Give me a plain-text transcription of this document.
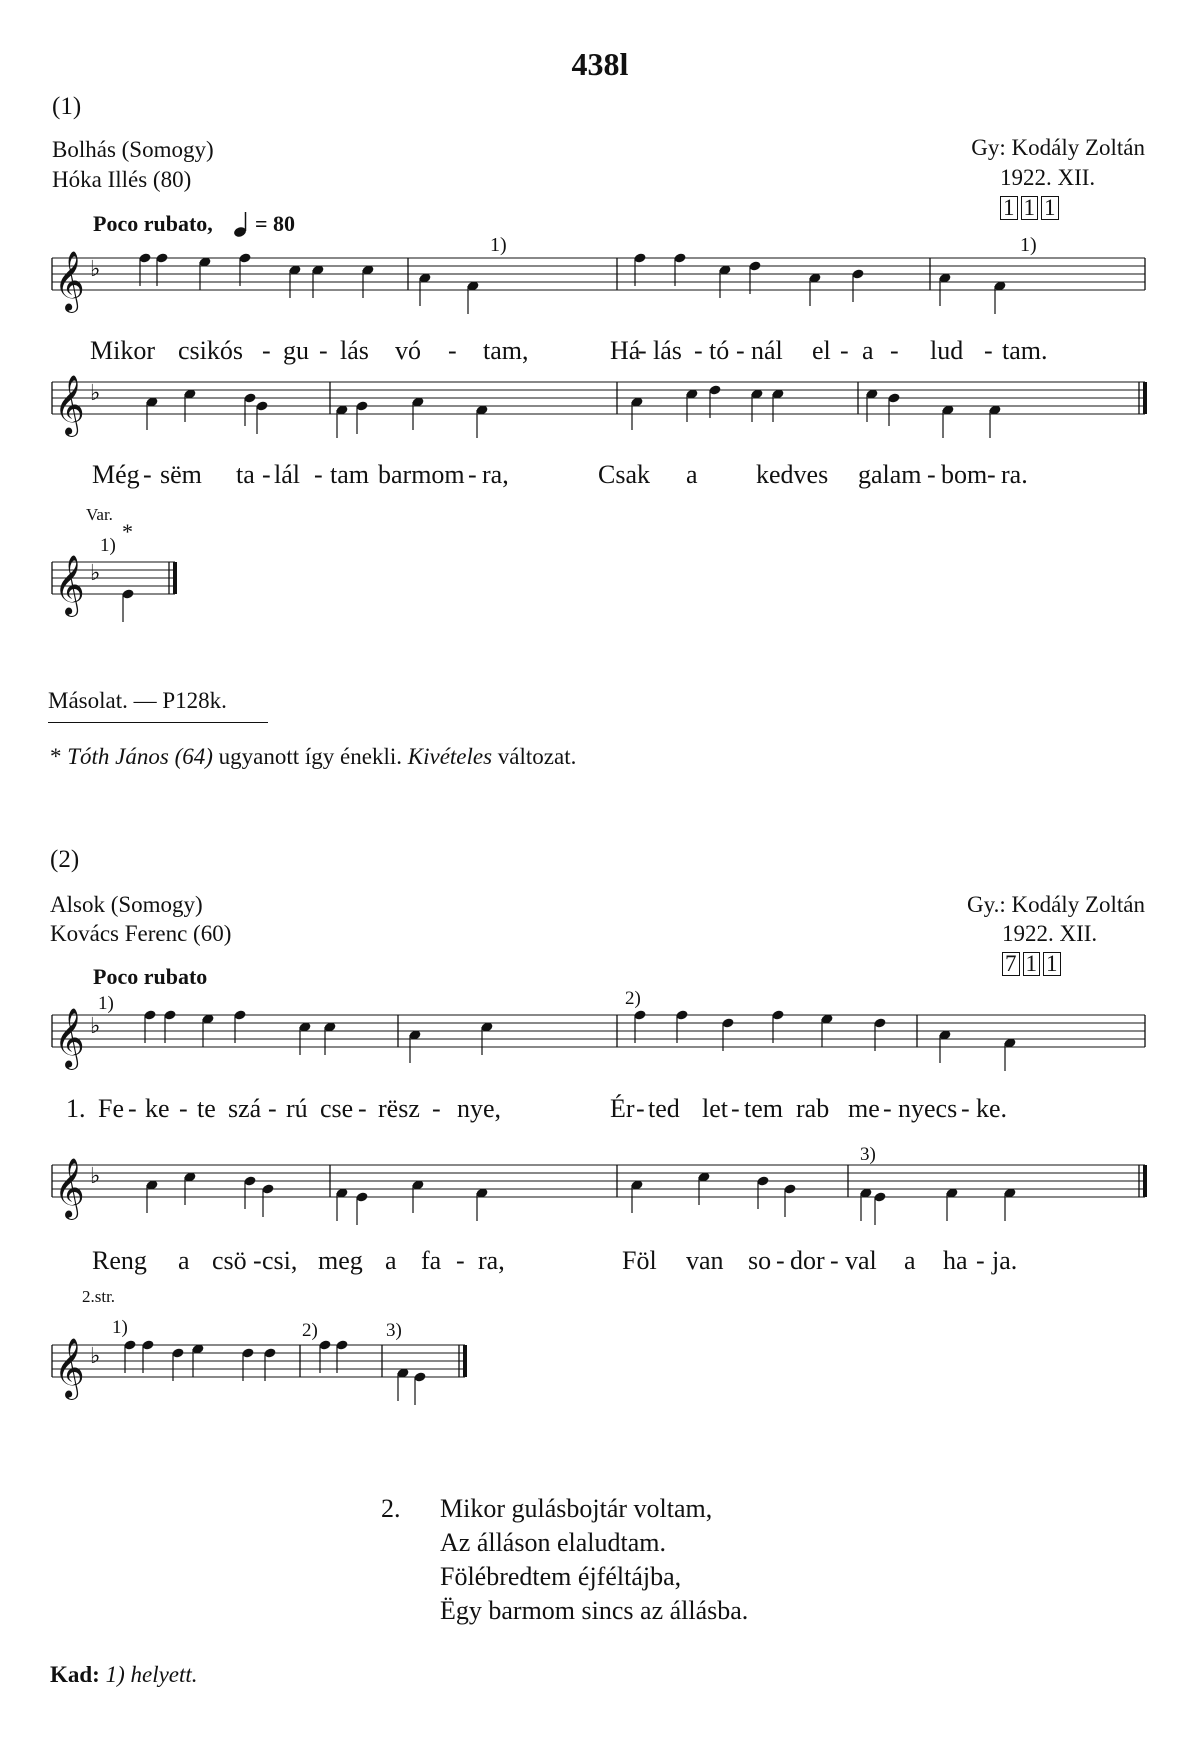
438l
(1)
Bolhás (Somogy)
Hóka Illés (80)
Gy: Kodály Zoltán
1922. XII.
1 1 1
Poco rubato, = 80
1)	1)
𝄞 ♭
𝄞 ♭
𝄞 ♭
𝄞 ♭
𝄞 ♭
𝄞 ♭
Mikor csikós - gu - lás vó - tam,	Há
- lás - tó - nál el - a - lud - tam.
Még - sëm ta - lál - tam barmom - ra,	Csak a kedves galam - bom - ra.
Var.
1)
*
Másolat. — P128k.
* Tóth János (64) ugyanott így énekli. Kivételes változat.
(2)
Alsok (Somogy)
Kovács Ferenc (60)
Gy.: Kodály Zoltán
1922. XII.
7 1 1
Poco rubato
1)	2)
3)
1. Fe - ke - te szá - rú cse - rësz - nye,	Ér - ted let - tem rab me - nyecs - ke.
Reng a csö - csi, meg a fa - ra,	Föl van so - dor - val a ha - ja.
2.str.
1)	2)	3)
2. Mikor gulásbojtár voltam,
Az álláson elaludtam.
Fölébredtem éjféltájba,
Ëgy barmom sincs az állásba.
Kad: 1) helyett.
